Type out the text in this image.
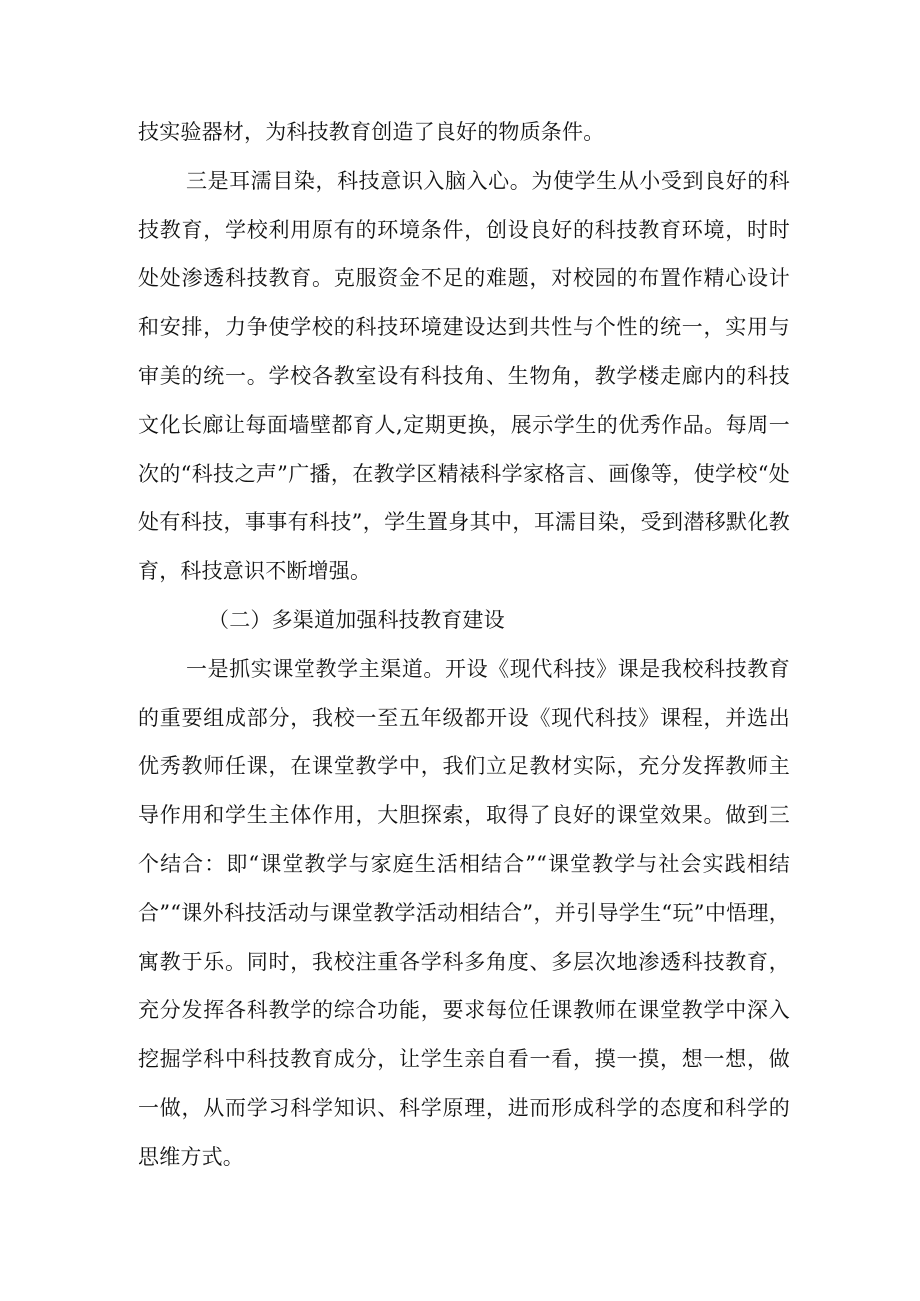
技实验器材，为科技教育创造了良好的物质条件。

三是耳濡目染，科技意识入脑入心。为使学生从小受到良好的科技教育，学校利用原有的环境条件，创设良好的科技教育环境，时时处处渗透科技教育。克服资金不足的难题，对校园的布置作精心设计和安排，力争使学校的科技环境建设达到共性与个性的统一，实用与审美的统一。学校各教室设有科技角、生物角，教学楼走廊内的科技文化长廊让每面墙壁都育人,定期更换，展示学生的优秀作品。每周一次的“科技之声”广播，在教学区精裱科学家格言、画像等，使学校“处处有科技，事事有科技”，学生置身其中，耳濡目染，受到潜移默化教育，科技意识不断增强。

（二）多渠道加强科技教育建设

一是抓实课堂教学主渠道。开设《现代科技》课是我校科技教育的重要组成部分，我校一至五年级都开设《现代科技》课程，并选出优秀教师任课，在课堂教学中，我们立足教材实际，充分发挥教师主导作用和学生主体作用，大胆探索，取得了良好的课堂效果。做到三个结合：即“课堂教学与家庭生活相结合”“课堂教学与社会实践相结合”“课外科技活动与课堂教学活动相结合”，并引导学生“玩”中悟理，寓教于乐。同时，我校注重各学科多角度、多层次地渗透科技教育，充分发挥各科教学的综合功能，要求每位任课教师在课堂教学中深入挖掘学科中科技教育成分，让学生亲自看一看，摸一摸，想一想，做一做，从而学习科学知识、科学原理，进而形成科学的态度和科学的思维方式。
